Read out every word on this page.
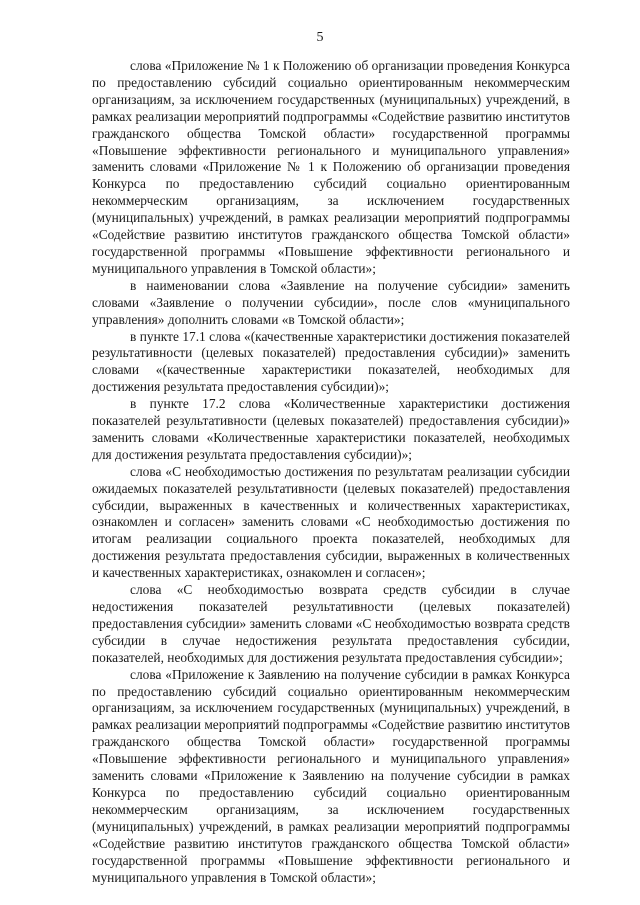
5

слова «Приложение № 1 к Положению об организации проведения Конкурса по предоставлению субсидий социально ориентированным некоммерческим организациям, за исключением государственных (муниципальных) учреждений, в рамках реализации мероприятий подпрограммы «Содействие развитию институтов гражданского общества Томской области» государственной программы «Повышение эффективности регионального и муниципального управления» заменить словами «Приложение № 1 к Положению об организации проведения Конкурса по предоставлению субсидий социально ориентированным некоммерческим организациям, за исключением государственных (муниципальных) учреждений, в рамках реализации мероприятий подпрограммы «Содействие развитию институтов гражданского общества Томской области» государственной программы «Повышение эффективности регионального и муниципального управления в Томской области»;

в наименовании слова «Заявление на получение субсидии» заменить словами «Заявление о получении субсидии», после слов «муниципального управления» дополнить словами «в Томской области»;

в пункте 17.1 слова «(качественные характеристики достижения показателей результативности (целевых показателей) предоставления субсидии)» заменить словами «(качественные характеристики показателей, необходимых для достижения результата предоставления субсидии)»;

в пункте 17.2 слова «Количественные характеристики достижения показателей результативности (целевых показателей) предоставления субсидии)» заменить словами «Количественные характеристики показателей, необходимых для достижения результата предоставления субсидии)»;

слова «С необходимостью достижения по результатам реализации субсидии ожидаемых показателей результативности (целевых показателей) предоставления субсидии, выраженных в качественных и количественных характеристиках, ознакомлен и согласен» заменить словами «С необходимостью достижения по итогам реализации социального проекта показателей, необходимых для достижения результата предоставления субсидии, выраженных в количественных и качественных характеристиках, ознакомлен и согласен»;

слова «С необходимостью возврата средств субсидии в случае недостижения показателей результативности (целевых показателей) предоставления субсидии» заменить словами «С необходимостью возврата средств субсидии в случае недостижения результата предоставления субсидии, показателей, необходимых для достижения результата предоставления субсидии»;

слова «Приложение к Заявлению на получение субсидии в рамках Конкурса по предоставлению субсидий социально ориентированным некоммерческим организациям, за исключением государственных (муниципальных) учреждений, в рамках реализации мероприятий подпрограммы «Содействие развитию институтов гражданского общества Томской области» государственной программы «Повышение эффективности регионального и муниципального управления» заменить словами «Приложение к Заявлению на получение субсидии в рамках Конкурса по предоставлению субсидий социально ориентированным некоммерческим организациям, за исключением государственных (муниципальных) учреждений, в рамках реализации мероприятий подпрограммы «Содействие развитию институтов гражданского общества Томской области» государственной программы «Повышение эффективности регионального и муниципального управления в Томской области»;
